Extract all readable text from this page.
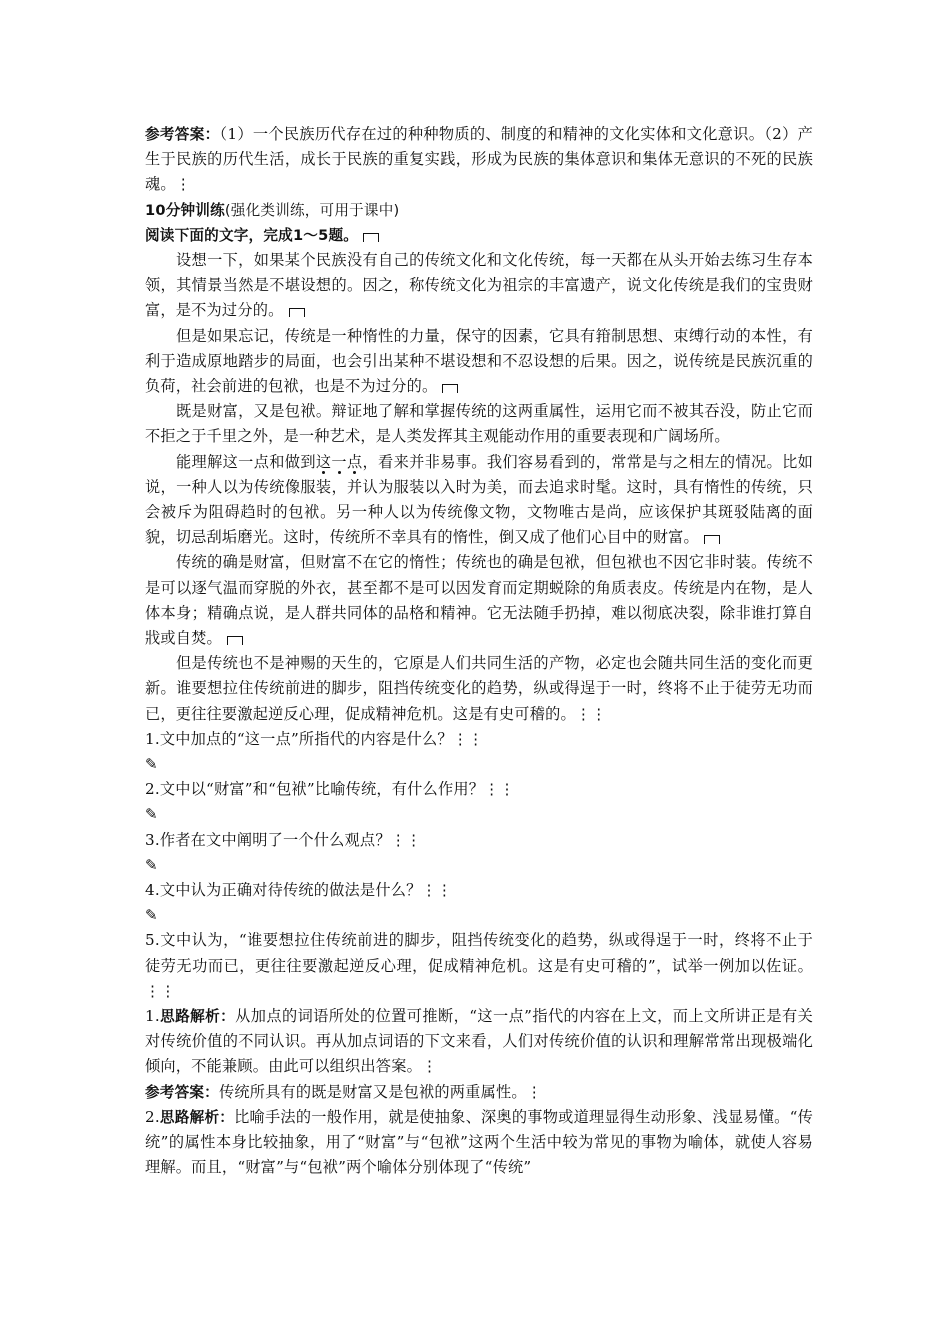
参考答案：（1）一个民族历代存在过的种种物质的、制度的和精神的文化实体和文化意识。（2）产生于民族的历代生活，成长于民族的重复实践，形成为民族的集体意识和集体无意识的不死的民族魂。⋮

10分钟训练(强化类训练，可用于课中)

阅读下面的文字，完成1～5题。

设想一下，如果某个民族没有自己的传统文化和文化传统，每一天都在从头开始去练习生存本领，其情景当然是不堪设想的。因之，称传统文化为祖宗的丰富遗产，说文化传统是我们的宝贵财富，是不为过分的。

但是如果忘记，传统是一种惰性的力量，保守的因素，它具有箝制思想、束缚行动的本性，有利于造成原地踏步的局面，也会引出某种不堪设想和不忍设想的后果。因之，说传统是民族沉重的负荷，社会前进的包袱，也是不为过分的。

既是财富，又是包袱。辩证地了解和掌握传统的这两重属性，运用它而不被其吞没，防止它而不拒之于千里之外，是一种艺术，是人类发挥其主观能动作用的重要表现和广阔场所。

能理解这一点和做到这一点，看来并非易事。我们容易看到的，常常是与之相左的情况。比如说，一种人以为传统像服装，并认为服装以入时为美，而去追求时髦。这时，具有惰性的传统，只会被斥为阻碍趋时的包袱。另一种人以为传统像文物，文物唯古是尚，应该保护其斑驳陆离的面貌，切忌刮垢磨光。这时，传统所不幸具有的惰性，倒又成了他们心目中的财富。

传统的确是财富，但财富不在它的惰性；传统也的确是包袱，但包袱也不因它非时装。传统不是可以逐气温而穿脱的外衣，甚至都不是可以因发育而定期蜕除的角质表皮。传统是内在物，是人体本身；精确点说，是人群共同体的品格和精神。它无法随手扔掉，难以彻底决裂，除非谁打算自戕或自焚。

但是传统也不是神赐的天生的，它原是人们共同生活的产物，必定也会随共同生活的变化而更新。谁要想拉住传统前进的脚步，阻挡传统变化的趋势，纵或得逞于一时，终将不止于徒劳无功而已，更往往要激起逆反心理，促成精神危机。这是有史可稽的。⋮⋮

1.文中加点的“这一点”所指代的内容是什么？⋮⋮

✎

2.文中以“财富”和“包袱”比喻传统，有什么作用？⋮⋮

✎

3.作者在文中阐明了一个什么观点？⋮⋮

✎

4.文中认为正确对待传统的做法是什么？⋮⋮

✎

5.文中认为，“谁要想拉住传统前进的脚步，阻挡传统变化的趋势，纵或得逞于一时，终将不止于徒劳无功而已，更往往要激起逆反心理，促成精神危机。这是有史可稽的”，试举一例加以佐证。⋮⋮

1.思路解析：从加点的词语所处的位置可推断，“这一点”指代的内容在上文，而上文所讲正是有关对传统价值的不同认识。再从加点词语的下文来看，人们对传统价值的认识和理解常常出现极端化倾向，不能兼顾。由此可以组织出答案。⋮

参考答案：传统所具有的既是财富又是包袱的两重属性。⋮

2.思路解析：比喻手法的一般作用，就是使抽象、深奥的事物或道理显得生动形象、浅显易懂。“传统”的属性本身比较抽象，用了“财富”与“包袱”这两个生活中较为常见的事物为喻体，就使人容易理解。而且，“财富”与“包袱”两个喻体分别体现了“传统”
